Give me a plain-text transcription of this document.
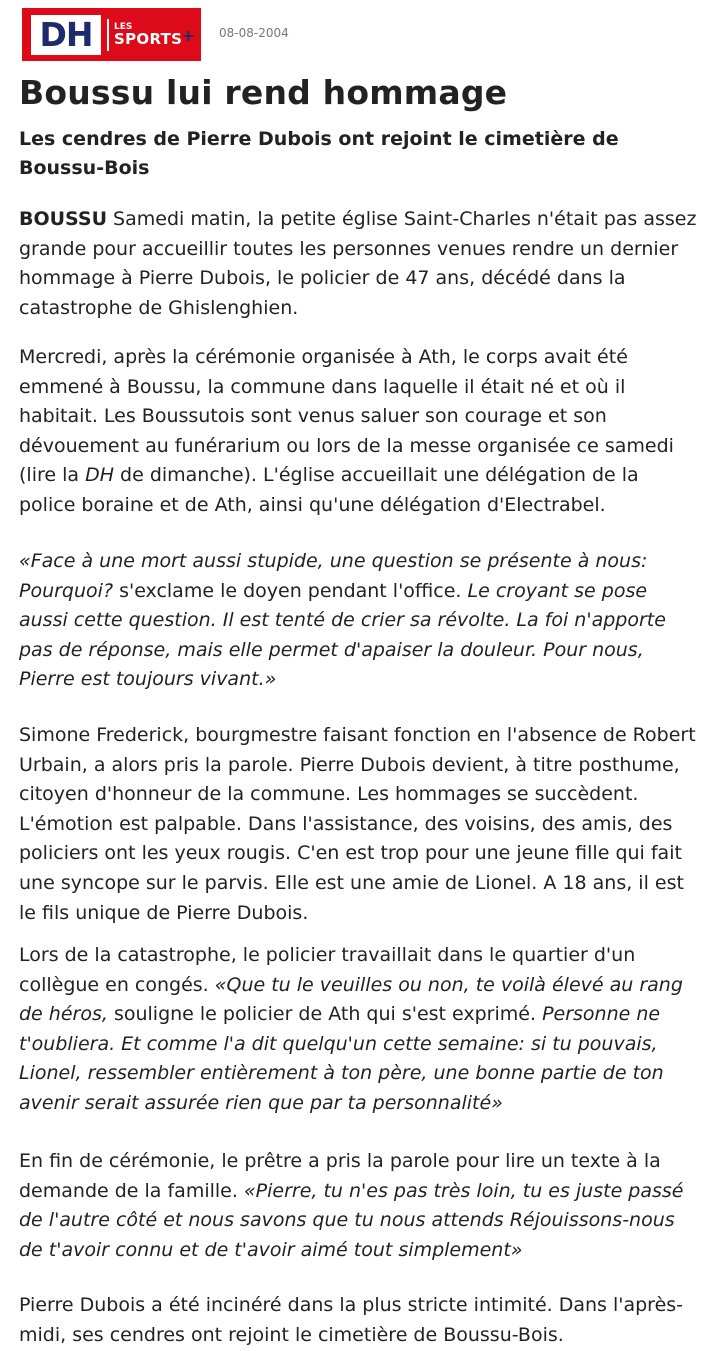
DH	LES
SPORTS + 08-08-2004
Boussu lui rend hommage

Les cendres de Pierre Dubois ont rejoint le cimetière de Boussu-Bois

BOUSSU Samedi matin, la petite église Saint-Charles n'était pas assez grande pour accueillir toutes les personnes venues rendre un dernier hommage à Pierre Dubois, le policier de 47 ans, décédé dans la catastrophe de Ghislenghien.

Mercredi, après la cérémonie organisée à Ath, le corps avait été emmené à Boussu, la commune dans laquelle il était né et où il habitait. Les Boussutois sont venus saluer son courage et son dévouement au funérarium ou lors de la messe organisée ce samedi (lire la DH de dimanche). L'église accueillait une délégation de la police boraine et de Ath, ainsi qu'une délégation d'Electrabel.

«Face à une mort aussi stupide, une question se présente à nous: Pourquoi? s'exclame le doyen pendant l'office. Le croyant se pose aussi cette question. Il est tenté de crier sa révolte. La foi n'apporte pas de réponse, mais elle permet d'apaiser la douleur. Pour nous, Pierre est toujours vivant.»

Simone Frederick, bourgmestre faisant fonction en l'absence de Robert Urbain, a alors pris la parole. Pierre Dubois devient, à titre posthume, citoyen d'honneur de la commune. Les hommages se succèdent. L'émotion est palpable. Dans l'assistance, des voisins, des amis, des policiers ont les yeux rougis. C'en est trop pour une jeune fille qui fait une syncope sur le parvis. Elle est une amie de Lionel. A 18 ans, il est le fils unique de Pierre Dubois.

Lors de la catastrophe, le policier travaillait dans le quartier d'un collègue en congés. «Que tu le veuilles ou non, te voilà élevé au rang de héros, souligne le policier de Ath qui s'est exprimé. Personne ne t'oubliera. Et comme l'a dit quelqu'un cette semaine: si tu pouvais, Lionel, ressembler entièrement à ton père, une bonne partie de ton avenir serait assurée rien que par ta personnalité»

En fin de cérémonie, le prêtre a pris la parole pour lire un texte à la demande de la famille. «Pierre, tu n'es pas très loin, tu es juste passé de l'autre côté et nous savons que tu nous attends Réjouissons-nous de t'avoir connu et de t'avoir aimé tout simplement»

Pierre Dubois a été incinéré dans la plus stricte intimité. Dans l'après-midi, ses cendres ont rejoint le cimetière de Boussu-Bois.
